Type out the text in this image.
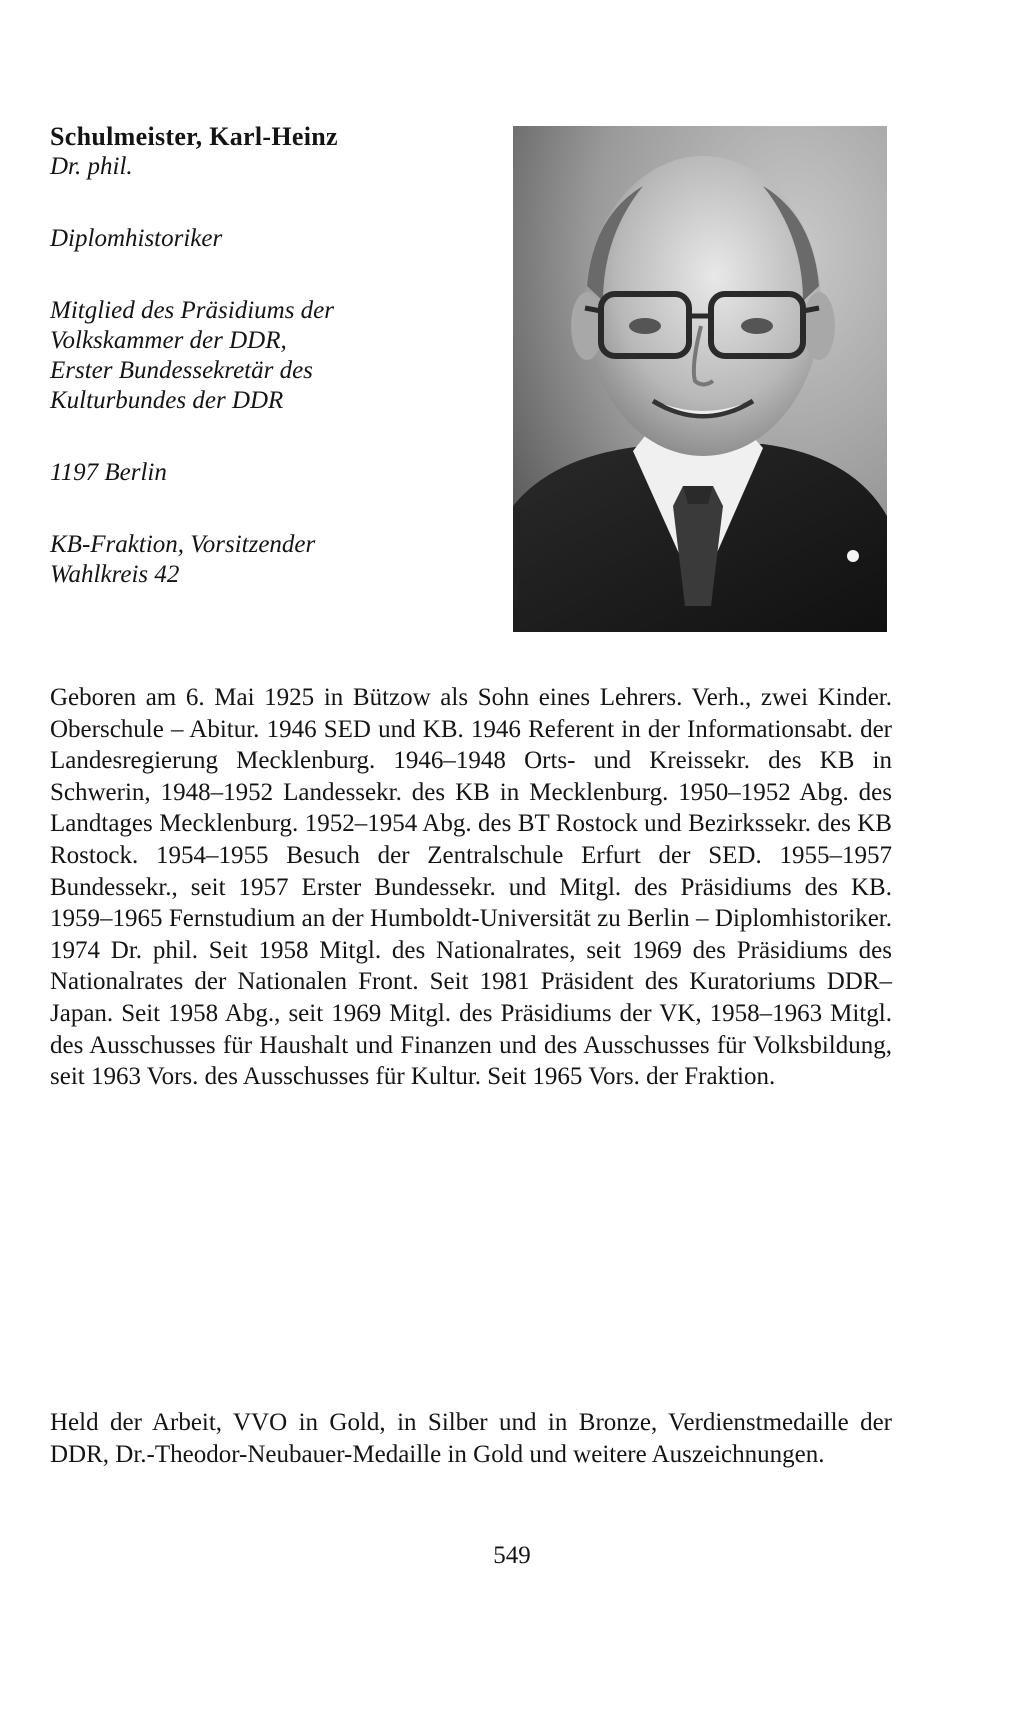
Schulmeister, Karl-Heinz

Dr. phil.

Diplomhistoriker

Mitglied des Präsidiums der

Volkskammer der DDR,

Erster Bundessekretär des

Kulturbundes der DDR

1197 Berlin

KB-Fraktion, Vorsitzender

Wahlkreis 42

Geboren am 6. Mai 1925 in Bützow als Sohn eines Lehrers. Verh., zwei Kinder. Oberschule – Abitur. 1946 SED und KB. 1946 Referent in der Informationsabt. der Landesregierung Mecklenburg. 1946–1948 Orts- und Kreissekr. des KB in Schwerin, 1948–1952 Landessekr. des KB in Mecklenburg. 1950–1952 Abg. des Landtages Mecklenburg. 1952–1954 Abg. des BT Rostock und Bezirkssekr. des KB Rostock. 1954–1955 Besuch der Zentralschule Erfurt der SED. 1955–1957 Bundessekr., seit 1957 Erster Bundessekr. und Mitgl. des Präsidiums des KB. 1959–1965 Fernstudium an der Humboldt-Universität zu Berlin – Diplomhistoriker. 1974 Dr. phil. Seit 1958 Mitgl. des Nationalrates, seit 1969 des Präsidiums des Nationalrates der Nationalen Front. Seit 1981 Präsident des Kuratoriums DDR–Japan. Seit 1958 Abg., seit 1969 Mitgl. des Präsidiums der VK, 1958–1963 Mitgl. des Ausschusses für Haushalt und Finanzen und des Ausschusses für Volksbildung, seit 1963 Vors. des Ausschusses für Kultur. Seit 1965 Vors. der Fraktion.

Held der Arbeit, VVO in Gold, in Silber und in Bronze, Verdienstmedaille der DDR, Dr.-Theodor-Neubauer-Medaille in Gold und weitere Auszeichnungen.

549
